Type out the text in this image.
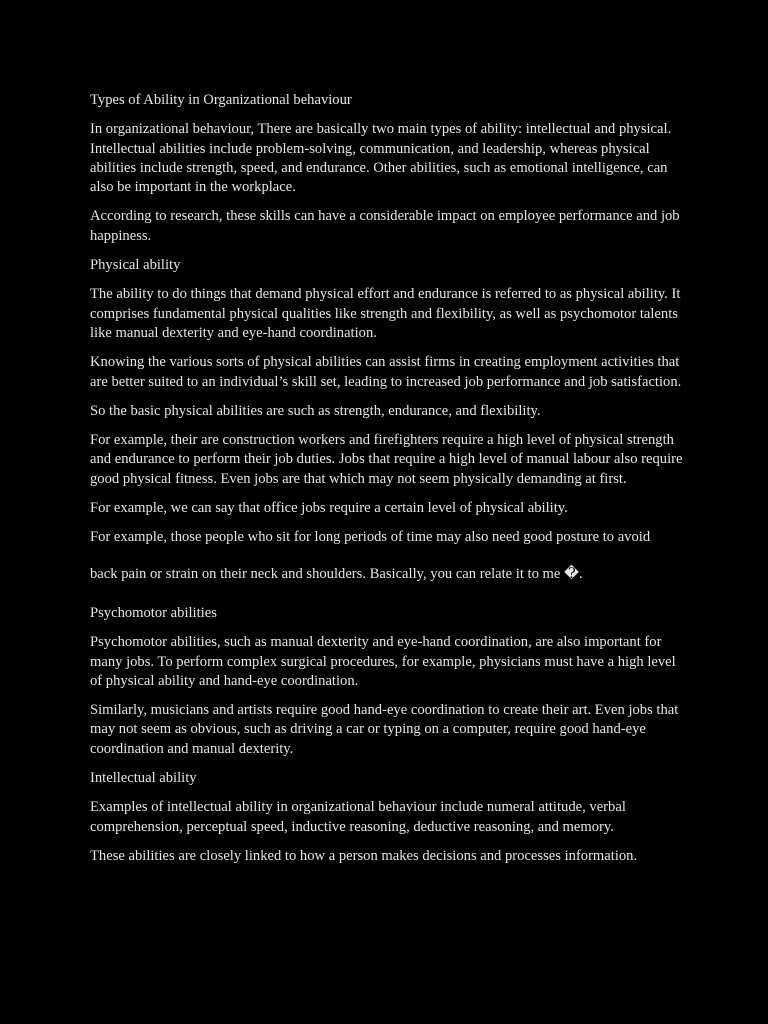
Types of Ability in Organizational behaviour

In organizational behaviour, There are basically two main types of ability: intellectual and physical. Intellectual abilities include problem-solving, communication, and leadership, whereas physical abilities include strength, speed, and endurance. Other abilities, such as emotional intelligence, can also be important in the workplace.

According to research, these skills can have a considerable impact on employee performance and job happiness.

Physical ability

The ability to do things that demand physical effort and endurance is referred to as physical ability. It comprises fundamental physical qualities like strength and flexibility, as well as psychomotor talents like manual dexterity and eye-hand coordination.

Knowing the various sorts of physical abilities can assist firms in creating employment activities that are better suited to an individual’s skill set, leading to increased job performance and job satisfaction.

So the basic physical abilities are such as strength, endurance, and flexibility.

For example, their are construction workers and firefighters require a high level of physical strength and endurance to perform their job duties. Jobs that require a high level of manual labour also require good physical fitness. Even jobs are that which may not seem physically demanding at first.

For example, we can say that office jobs require a certain level of physical ability.

For example, those people who sit for long periods of time may also need good posture to avoid

back pain or strain on their neck and shoulders. Basically, you can relate it to me �.

Psychomotor abilities

Psychomotor abilities, such as manual dexterity and eye-hand coordination, are also important for many jobs. To perform complex surgical procedures, for example, physicians must have a high level of physical ability and hand-eye coordination.

Similarly, musicians and artists require good hand-eye coordination to create their art. Even jobs that may not seem as obvious, such as driving a car or typing on a computer, require good hand-eye coordination and manual dexterity.

Intellectual ability

Examples of intellectual ability in organizational behaviour include numeral attitude, verbal comprehension, perceptual speed, inductive reasoning, deductive reasoning, and memory.

These abilities are closely linked to how a person makes decisions and processes information.
